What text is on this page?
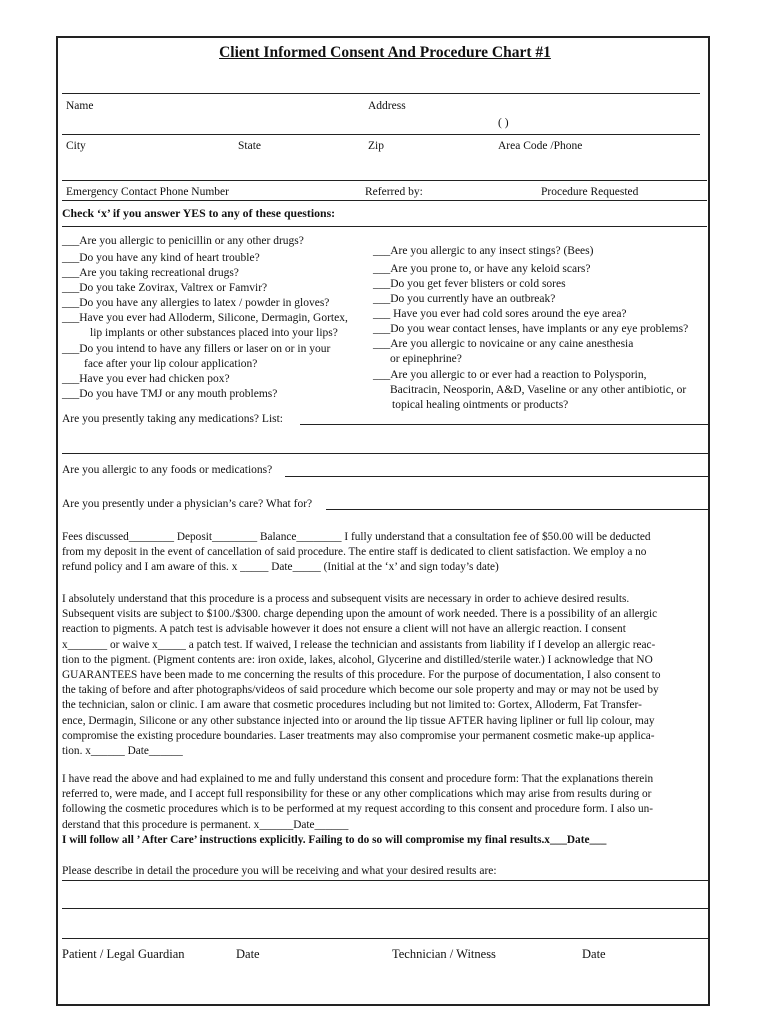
Client Informed Consent And Procedure Chart #1
Name	Address
( )
City	State	Zip	Area Code /Phone
Emergency Contact Phone Number	Referred by:	Procedure Requested
Check ‘x’ if you answer YES to any of these questions:
___Are you allergic to penicillin or any other drugs?
___Do you have any kind of heart trouble?
___Are you taking recreational drugs?
___Do you take Zovirax, Valtrex or Famvir?
___Do you have any allergies to latex / powder in gloves?
___Have you ever had Alloderm, Silicone, Dermagin, Gortex,
lip implants or other substances placed into your lips?
___Do you intend to have any fillers or laser on or in your
face after your lip colour application?
___Have you ever had chicken pox?
___Do you have TMJ or any mouth problems?
___Are you allergic to any insect stings? (Bees)
___Are you prone to, or have any keloid scars?
___Do you get fever blisters or cold sores
___Do you currently have an outbreak?
___ Have you ever had cold sores around the eye area?
___Do you wear contact lenses, have implants or any eye problems?
___Are you allergic to novicaine or any caine anesthesia
or epinephrine?
___Are you allergic to or ever had a reaction to Polysporin,
Bacitracin, Neosporin, A&D, Vaseline or any other antibiotic, or
topical healing ointments or products?
Are you presently taking any medications? List:
Are you allergic to any foods or medications?
Are you presently under a physician’s care? What for?
Fees discussed________ Deposit________ Balance________ I fully understand that a consultation fee of $50.00 will be deducted
from my deposit in the event of cancellation of said procedure. The entire staff is dedicated to client satisfaction. We employ a no
refund policy and I am aware of this. x _____ Date_____ (Initial at the ‘x’ and sign today’s date)
I absolutely understand that this procedure is a process and subsequent visits are necessary in order to achieve desired results.
Subsequent visits are subject to $100./$300. charge depending upon the amount of work needed. There is a possibility of an allergic
reaction to pigments. A patch test is advisable however it does not ensure a client will not have an allergic reaction. I consent
x_______ or waive x_____ a patch test. If waived, I release the technician and assistants from liability if I develop an allergic reac-
tion to the pigment. (Pigment contents are: iron oxide, lakes, alcohol, Glycerine and distilled/sterile water.) I acknowledge that NO
GUARANTEES have been made to me concerning the results of this procedure. For the purpose of documentation, I also consent to
the taking of before and after photographs/videos of said procedure which become our sole property and may or may not be used by
the technician, salon or clinic. I am aware that cosmetic procedures including but not limited to: Gortex, Alloderm, Fat Transfer-
ence, Dermagin, Silicone or any other substance injected into or around the lip tissue AFTER having lipliner or full lip colour, may
compromise the existing procedure boundaries. Laser treatments may also compromise your permanent cosmetic make-up applica-
tion. x______ Date______
I have read the above and had explained to me and fully understand this consent and procedure form: That the explanations therein
referred to, were made, and I accept full responsibility for these or any other complications which may arise from results during or
following the cosmetic procedures which is to be performed at my request according to this consent and procedure form. I also un-
derstand that this procedure is permanent. x______Date______
I will follow all ’ After Care’ instructions explicitly. Failing to do so will compromise my final results.x___Date___
Please describe in detail the procedure you will be receiving and what your desired results are:
Patient / Legal Guardian	Date	Technician / Witness	Date
